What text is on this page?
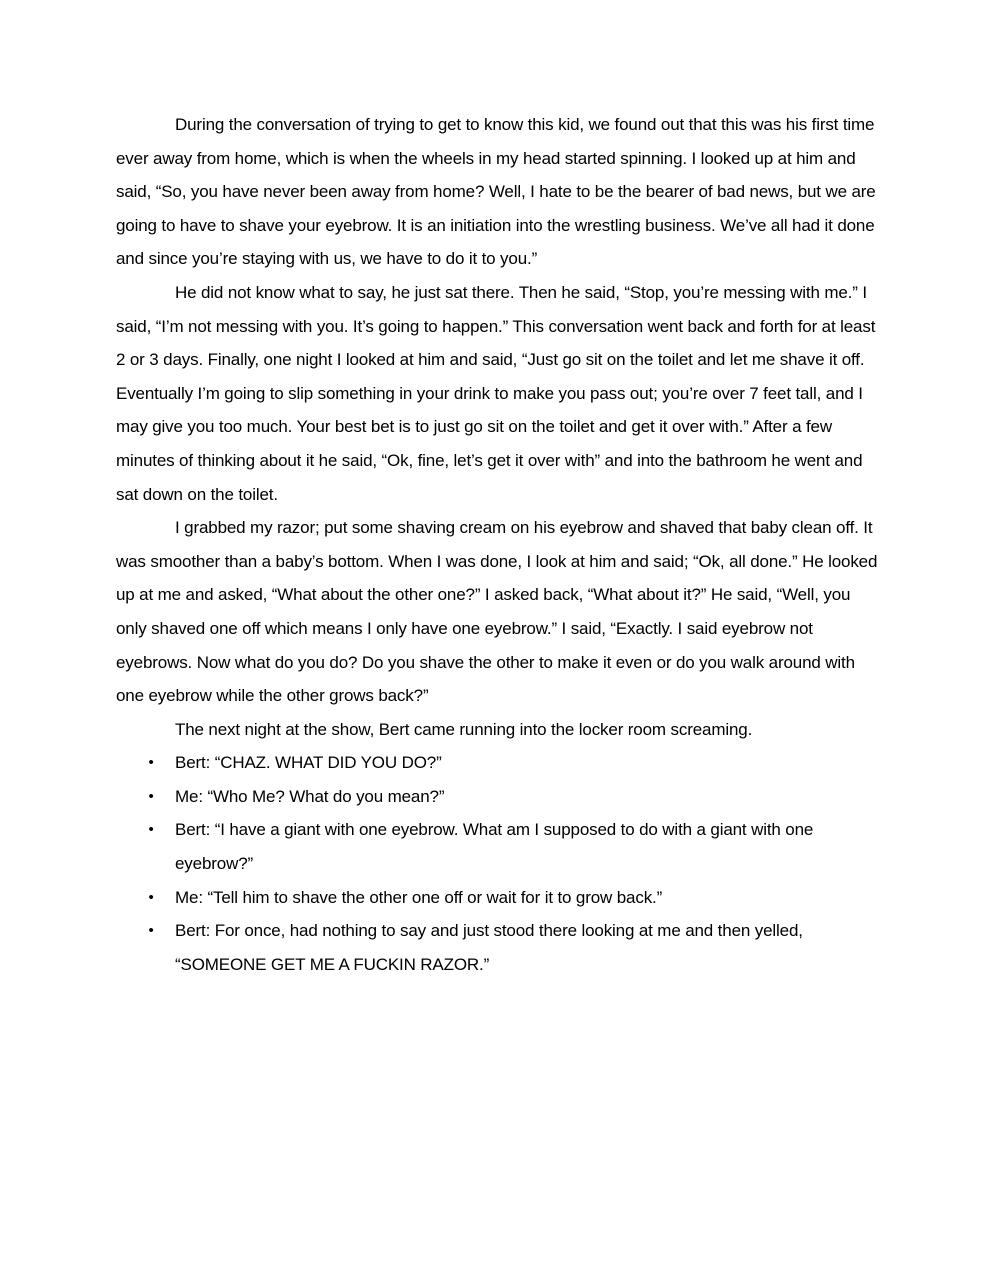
During the conversation of trying to get to know this kid, we found out that this was his first time ever away from home, which is when the wheels in my head started spinning. I looked up at him and said, “So, you have never been away from home? Well, I hate to be the bearer of bad news, but we are going to have to shave your eyebrow. It is an initiation into the wrestling business. We’ve all had it done and since you’re staying with us, we have to do it to you.”

He did not know what to say, he just sat there. Then he said, “Stop, you’re messing with me.” I said, “I’m not messing with you. It’s going to happen.” This conversation went back and forth for at least 2 or 3 days. Finally, one night I looked at him and said, “Just go sit on the toilet and let me shave it off. Eventually I’m going to slip something in your drink to make you pass out; you’re over 7 feet tall, and I may give you too much. Your best bet is to just go sit on the toilet and get it over with.” After a few minutes of thinking about it he said, “Ok, fine, let’s get it over with” and into the bathroom he went and sat down on the toilet.

I grabbed my razor; put some shaving cream on his eyebrow and shaved that baby clean off. It was smoother than a baby’s bottom. When I was done, I look at him and said; “Ok, all done.” He looked up at me and asked, “What about the other one?” I asked back, “What about it?” He said, “Well, you only shaved one off which means I only have one eyebrow.” I said, “Exactly. I said eyebrow not eyebrows. Now what do you do? Do you shave the other to make it even or do you walk around with one eyebrow while the other grows back?”

The next night at the show, Bert came running into the locker room screaming.

• Bert: “CHAZ. WHAT DID YOU DO?”
• Me: “Who Me? What do you mean?”
• Bert: “I have a giant with one eyebrow. What am I supposed to do with a giant with one eyebrow?”
• Me: “Tell him to shave the other one off or wait for it to grow back.”
• Bert: For once, had nothing to say and just stood there looking at me and then yelled, “SOMEONE GET ME A FUCKIN RAZOR.”
